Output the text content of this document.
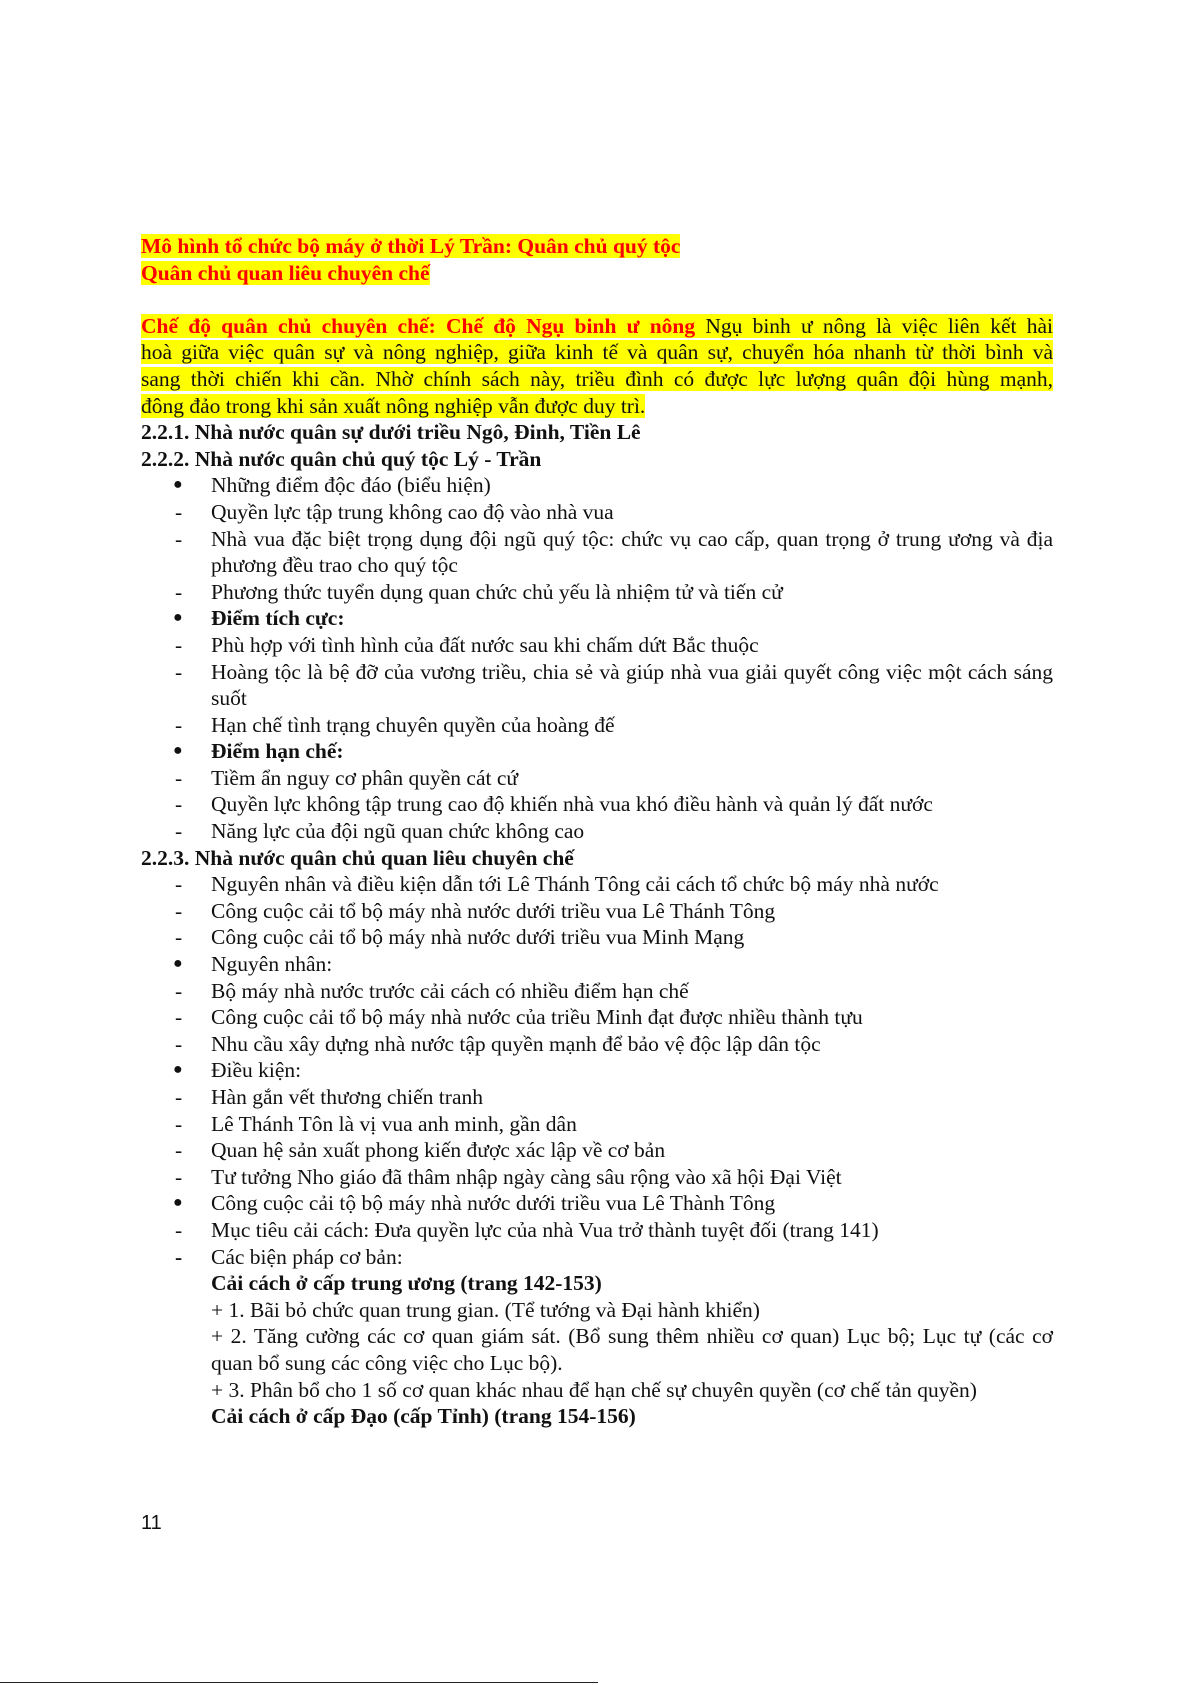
Mô hình tổ chức bộ máy ở thời Lý Trần: Quân chủ quý tộc

Quân chủ quan liêu chuyên chế

Chế độ quân chủ chuyên chế: Chế độ Ngụ binh ư nông Ngụ binh ư nông là việc liên kết hài

hoà giữa việc quân sự và nông nghiệp, giữa kinh tế và quân sự, chuyển hóa nhanh từ thời bình và

sang thời chiến khi cần. Nhờ chính sách này, triều đình có được lực lượng quân đội hùng mạnh,

đông đảo trong khi sản xuất nông nghiệp vẫn được duy trì.

2.2.1. Nhà nước quân sự dưới triều Ngô, Đinh, Tiền Lê

2.2.2. Nhà nước quân chủ quý tộc Lý - Trần

● Những điểm độc đáo (biểu hiện)
- Quyền lực tập trung không cao độ vào nhà vua
- Nhà vua đặc biệt trọng dụng đội ngũ quý tộc: chức vụ cao cấp, quan trọng ở trung ương và địa phương đều trao cho quý tộc
- Phương thức tuyển dụng quan chức chủ yếu là nhiệm tử và tiến cử
● Điểm tích cực:
- Phù hợp với tình hình của đất nước sau khi chấm dứt Bắc thuộc
- Hoàng tộc là bệ đỡ của vương triều, chia sẻ và giúp nhà vua giải quyết công việc một cách sáng suốt
- Hạn chế tình trạng chuyên quyền của hoàng đế
● Điểm hạn chế:
- Tiềm ẩn nguy cơ phân quyền cát cứ
- Quyền lực không tập trung cao độ khiến nhà vua khó điều hành và quản lý đất nước
- Năng lực của đội ngũ quan chức không cao

2.2.3. Nhà nước quân chủ quan liêu chuyên chế

- Nguyên nhân và điều kiện dẫn tới Lê Thánh Tông cải cách tổ chức bộ máy nhà nước
- Công cuộc cải tổ bộ máy nhà nước dưới triều vua Lê Thánh Tông
- Công cuộc cải tổ bộ máy nhà nước dưới triều vua Minh Mạng
● Nguyên nhân:
- Bộ máy nhà nước trước cải cách có nhiều điểm hạn chế
- Công cuộc cải tổ bộ máy nhà nước của triều Minh đạt được nhiều thành tựu
- Nhu cầu xây dựng nhà nước tập quyền mạnh để bảo vệ độc lập dân tộc
● Điều kiện:
- Hàn gắn vết thương chiến tranh
- Lê Thánh Tôn là vị vua anh minh, gần dân
- Quan hệ sản xuất phong kiến được xác lập về cơ bản
- Tư tưởng Nho giáo đã thâm nhập ngày càng sâu rộng vào xã hội Đại Việt
● Công cuộc cải tộ bộ máy nhà nước dưới triều vua Lê Thành Tông
- Mục tiêu cải cách: Đưa quyền lực của nhà Vua trở thành tuyệt đối (trang 141)
- Các biện pháp cơ bản:

Cải cách ở cấp trung ương (trang 142-153)

+ 1. Bãi bỏ chức quan trung gian. (Tể tướng và Đại hành khiển)

+ 2. Tăng cường các cơ quan giám sát. (Bổ sung thêm nhiều cơ quan) Lục bộ; Lục tự (các cơ quan bổ sung các công việc cho Lục bộ).

+ 3. Phân bổ cho 1 số cơ quan khác nhau để hạn chế sự chuyên quyền (cơ chế tản quyền)

Cải cách ở cấp Đạo (cấp Tỉnh) (trang 154-156)

11
